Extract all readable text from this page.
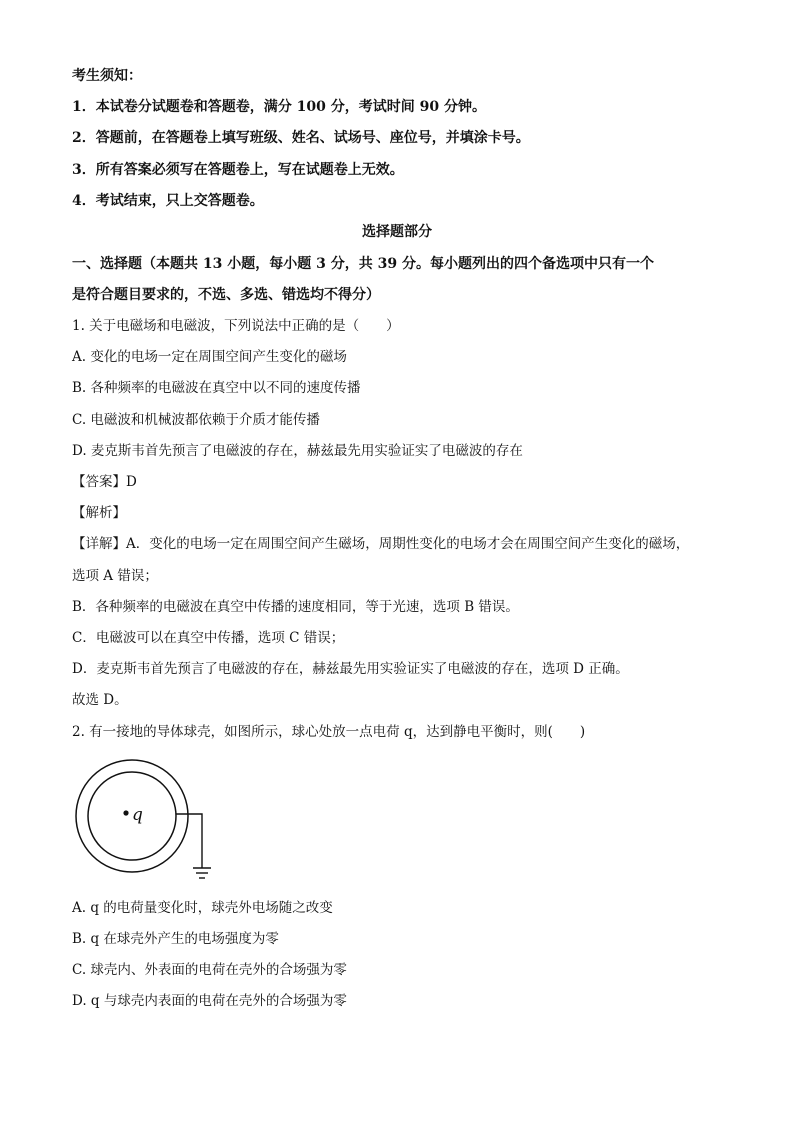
考生须知：
1．本试卷分试题卷和答题卷，满分 100 分，考试时间 90 分钟。
2．答题前，在答题卷上填写班级、姓名、试场号、座位号，并填涂卡号。
3．所有答案必须写在答题卷上，写在试题卷上无效。
4．考试结束，只上交答题卷。
选择题部分
一、选择题（本题共 13 小题，每小题 3 分，共 39 分。每小题列出的四个备选项中只有一个
是符合题目要求的，不选、多选、错选均不得分）
1. 关于电磁场和电磁波，下列说法中正确的是（　　）
A. 变化的电场一定在周围空间产生变化的磁场
B. 各种频率的电磁波在真空中以不同的速度传播
C. 电磁波和机械波都依赖于介质才能传播
D. 麦克斯韦首先预言了电磁波的存在，赫兹最先用实验证实了电磁波的存在
【答案】D
【解析】
【详解】A．变化的电场一定在周围空间产生磁场，周期性变化的电场才会在周围空间产生变化的磁场，
选项 A 错误；
B．各种频率的电磁波在真空中传播的速度相同，等于光速，选项 B 错误。
C．电磁波可以在真空中传播，选项 C 错误；
D．麦克斯韦首先预言了电磁波的存在，赫兹最先用实验证实了电磁波的存在，选项 D 正确。
故选 D。
2. 有一接地的导体球壳，如图所示，球心处放一点电荷 q，达到静电平衡时，则(　　)
q
A. q 的电荷量变化时，球壳外电场随之改变
B. q 在球壳外产生的电场强度为零
C. 球壳内、外表面的电荷在壳外的合场强为零
D. q 与球壳内表面的电荷在壳外的合场强为零
